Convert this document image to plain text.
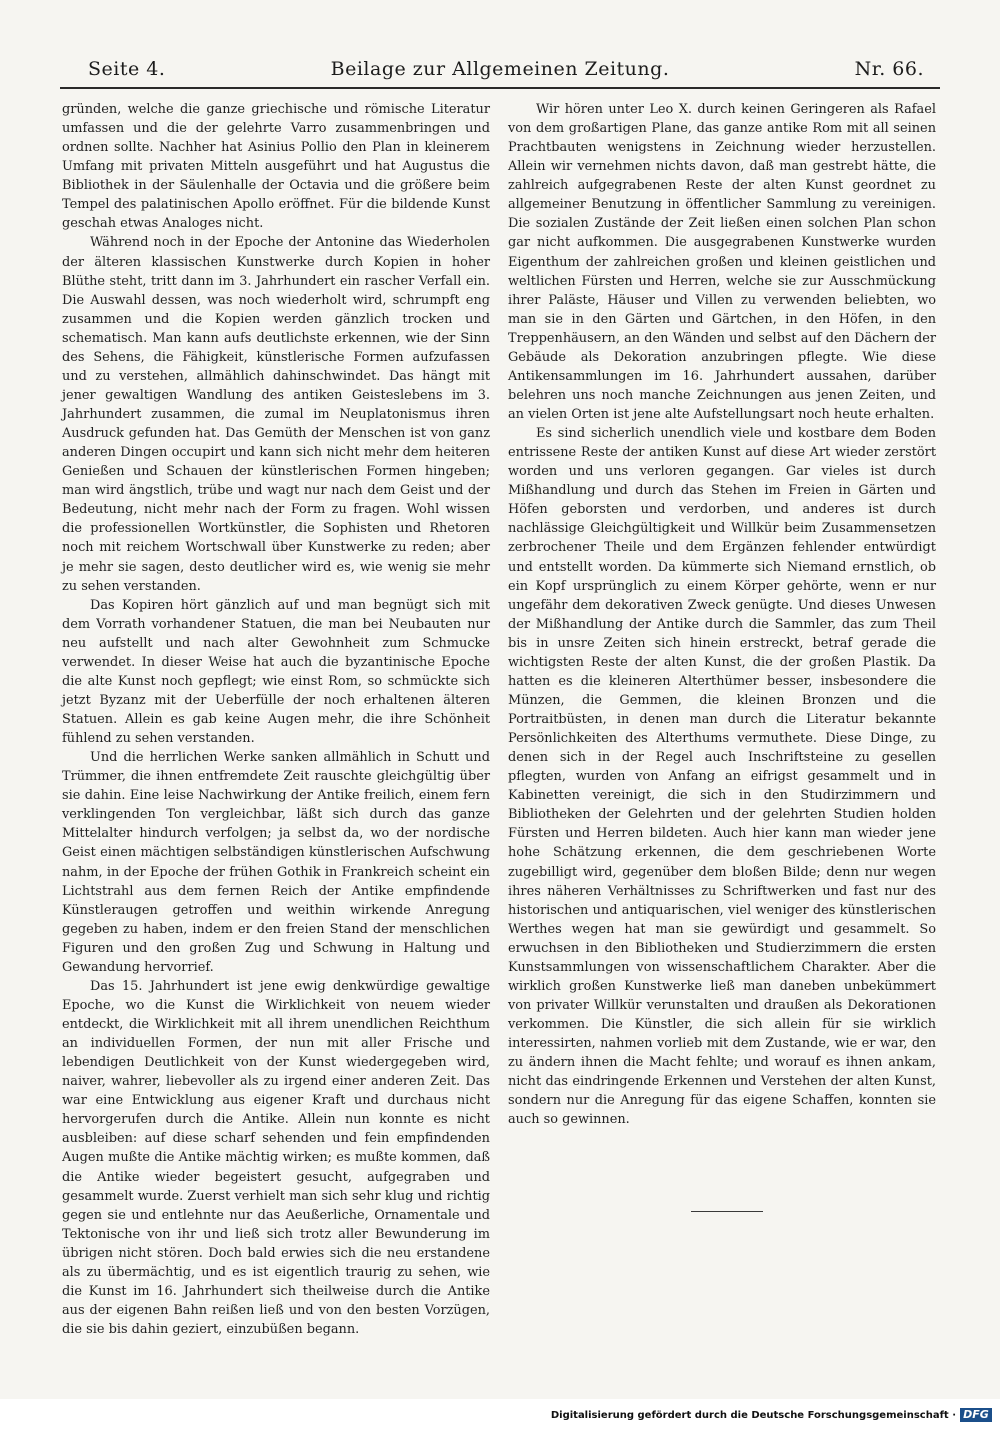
Seite 4.	Beilage zur Allgemeinen Zeitung.	Nr. 66.

gründen, welche die ganze griechische und römische Literatur umfassen und die der gelehrte Varro zusammenbringen und ordnen sollte. Nachher hat Asinius Pollio den Plan in kleinerem Umfang mit privaten Mitteln ausgeführt und hat Augustus die Bibliothek in der Säulenhalle der Octavia und die größere beim Tempel des palatinischen Apollo eröffnet. Für die bildende Kunst geschah etwas Analoges nicht.

Während noch in der Epoche der Antonine das Wiederholen der älteren klassischen Kunstwerke durch Kopien in hoher Blüthe steht, tritt dann im 3. Jahrhundert ein rascher Verfall ein. Die Auswahl dessen, was noch wiederholt wird, schrumpft eng zusammen und die Kopien werden gänzlich trocken und schematisch. Man kann aufs deutlichste erkennen, wie der Sinn des Sehens, die Fähigkeit, künstlerische Formen aufzufassen und zu verstehen, allmählich dahinschwindet. Das hängt mit jener gewaltigen Wandlung des antiken Geisteslebens im 3. Jahrhundert zusammen, die zumal im Neuplatonismus ihren Ausdruck gefunden hat. Das Gemüth der Menschen ist von ganz anderen Dingen occupirt und kann sich nicht mehr dem heiteren Genießen und Schauen der künstlerischen Formen hingeben; man wird ängstlich, trübe und wagt nur nach dem Geist und der Bedeutung, nicht mehr nach der Form zu fragen. Wohl wissen die professionellen Wortkünstler, die Sophisten und Rhetoren noch mit reichem Wortschwall über Kunstwerke zu reden; aber je mehr sie sagen, desto deutlicher wird es, wie wenig sie mehr zu sehen verstanden.

Das Kopiren hört gänzlich auf und man begnügt sich mit dem Vorrath vorhandener Statuen, die man bei Neubauten nur neu aufstellt und nach alter Gewohnheit zum Schmucke verwendet. In dieser Weise hat auch die byzantinische Epoche die alte Kunst noch gepflegt; wie einst Rom, so schmückte sich jetzt Byzanz mit der Ueberfülle der noch erhaltenen älteren Statuen. Allein es gab keine Augen mehr, die ihre Schönheit fühlend zu sehen verstanden.

Und die herrlichen Werke sanken allmählich in Schutt und Trümmer, die ihnen entfremdete Zeit rauschte gleichgültig über sie dahin. Eine leise Nachwirkung der Antike freilich, einem fern verklingenden Ton vergleichbar, läßt sich durch das ganze Mittelalter hindurch verfolgen; ja selbst da, wo der nordische Geist einen mächtigen selbständigen künstlerischen Aufschwung nahm, in der Epoche der frühen Gothik in Frankreich scheint ein Lichtstrahl aus dem fernen Reich der Antike empfindende Künstleraugen getroffen und weithin wirkende Anregung gegeben zu haben, indem er den freien Stand der menschlichen Figuren und den großen Zug und Schwung in Haltung und Gewandung hervorrief.

Das 15. Jahrhundert ist jene ewig denkwürdige gewaltige Epoche, wo die Kunst die Wirklichkeit von neuem wieder entdeckt, die Wirklichkeit mit all ihrem unendlichen Reichthum an individuellen Formen, der nun mit aller Frische und lebendigen Deutlichkeit von der Kunst wiedergegeben wird, naiver, wahrer, liebevoller als zu irgend einer anderen Zeit. Das war eine Entwicklung aus eigener Kraft und durchaus nicht hervorgerufen durch die Antike. Allein nun konnte es nicht ausbleiben: auf diese scharf sehenden und fein empfindenden Augen mußte die Antike mächtig wirken; es mußte kommen, daß die Antike wieder begeistert gesucht, aufgegraben und gesammelt wurde. Zuerst verhielt man sich sehr klug und richtig gegen sie und entlehnte nur das Aeußerliche, Ornamentale und Tektonische von ihr und ließ sich trotz aller Bewunderung im übrigen nicht stören. Doch bald erwies sich die neu erstandene als zu übermächtig, und es ist eigentlich traurig zu sehen, wie die Kunst im 16. Jahrhundert sich theilweise durch die Antike aus der eigenen Bahn reißen ließ und von den besten Vorzügen, die sie bis dahin geziert, einzubüßen begann.

Wir hören unter Leo X. durch keinen Geringeren als Rafael von dem großartigen Plane, das ganze antike Rom mit all seinen Prachtbauten wenigstens in Zeichnung wieder herzustellen. Allein wir vernehmen nichts davon, daß man gestrebt hätte, die zahlreich aufgegrabenen Reste der alten Kunst geordnet zu allgemeiner Benutzung in öffentlicher Sammlung zu vereinigen. Die sozialen Zustände der Zeit ließen einen solchen Plan schon gar nicht aufkommen. Die ausgegrabenen Kunstwerke wurden Eigenthum der zahlreichen großen und kleinen geistlichen und weltlichen Fürsten und Herren, welche sie zur Ausschmückung ihrer Paläste, Häuser und Villen zu verwenden beliebten, wo man sie in den Gärten und Gärtchen, in den Höfen, in den Treppenhäusern, an den Wänden und selbst auf den Dächern der Gebäude als Dekoration anzubringen pflegte. Wie diese Antikensammlungen im 16. Jahrhundert aussahen, darüber belehren uns noch manche Zeichnungen aus jenen Zeiten, und an vielen Orten ist jene alte Aufstellungsart noch heute erhalten.

Es sind sicherlich unendlich viele und kostbare dem Boden entrissene Reste der antiken Kunst auf diese Art wieder zerstört worden und uns verloren gegangen. Gar vieles ist durch Mißhandlung und durch das Stehen im Freien in Gärten und Höfen geborsten und verdorben, und anderes ist durch nachlässige Gleichgültigkeit und Willkür beim Zusammensetzen zerbrochener Theile und dem Ergänzen fehlender entwürdigt und entstellt worden. Da kümmerte sich Niemand ernstlich, ob ein Kopf ursprünglich zu einem Körper gehörte, wenn er nur ungefähr dem dekorativen Zweck genügte. Und dieses Unwesen der Mißhandlung der Antike durch die Sammler, das zum Theil bis in unsre Zeiten sich hinein erstreckt, betraf gerade die wichtigsten Reste der alten Kunst, die der großen Plastik. Da hatten es die kleineren Alterthümer besser, insbesondere die Münzen, die Gemmen, die kleinen Bronzen und die Portraitbüsten, in denen man durch die Literatur bekannte Persönlichkeiten des Alterthums vermuthete. Diese Dinge, zu denen sich in der Regel auch Inschriftsteine zu gesellen pflegten, wurden von Anfang an eifrigst gesammelt und in Kabinetten vereinigt, die sich in den Studirzimmern und Bibliotheken der Gelehrten und der gelehrten Studien holden Fürsten und Herren bildeten. Auch hier kann man wieder jene hohe Schätzung erkennen, die dem geschriebenen Worte zugebilligt wird, gegenüber dem bloßen Bilde; denn nur wegen ihres näheren Verhältnisses zu Schriftwerken und fast nur des historischen und antiquarischen, viel weniger des künstlerischen Werthes wegen hat man sie gewürdigt und gesammelt. So erwuchsen in den Bibliotheken und Studierzimmern die ersten Kunstsammlungen von wissenschaftlichem Charakter. Aber die wirklich großen Kunstwerke ließ man daneben unbekümmert von privater Willkür verunstalten und draußen als Dekorationen verkommen. Die Künstler, die sich allein für sie wirklich interessirten, nahmen vorlieb mit dem Zustande, wie er war, den zu ändern ihnen die Macht fehlte; und worauf es ihnen ankam, nicht das eindringende Erkennen und Verstehen der alten Kunst, sondern nur die Anregung für das eigene Schaffen, konnten sie auch so gewinnen.

Digitalisierung gefördert durch die Deutsche Forschungsgemeinschaft · DFG
